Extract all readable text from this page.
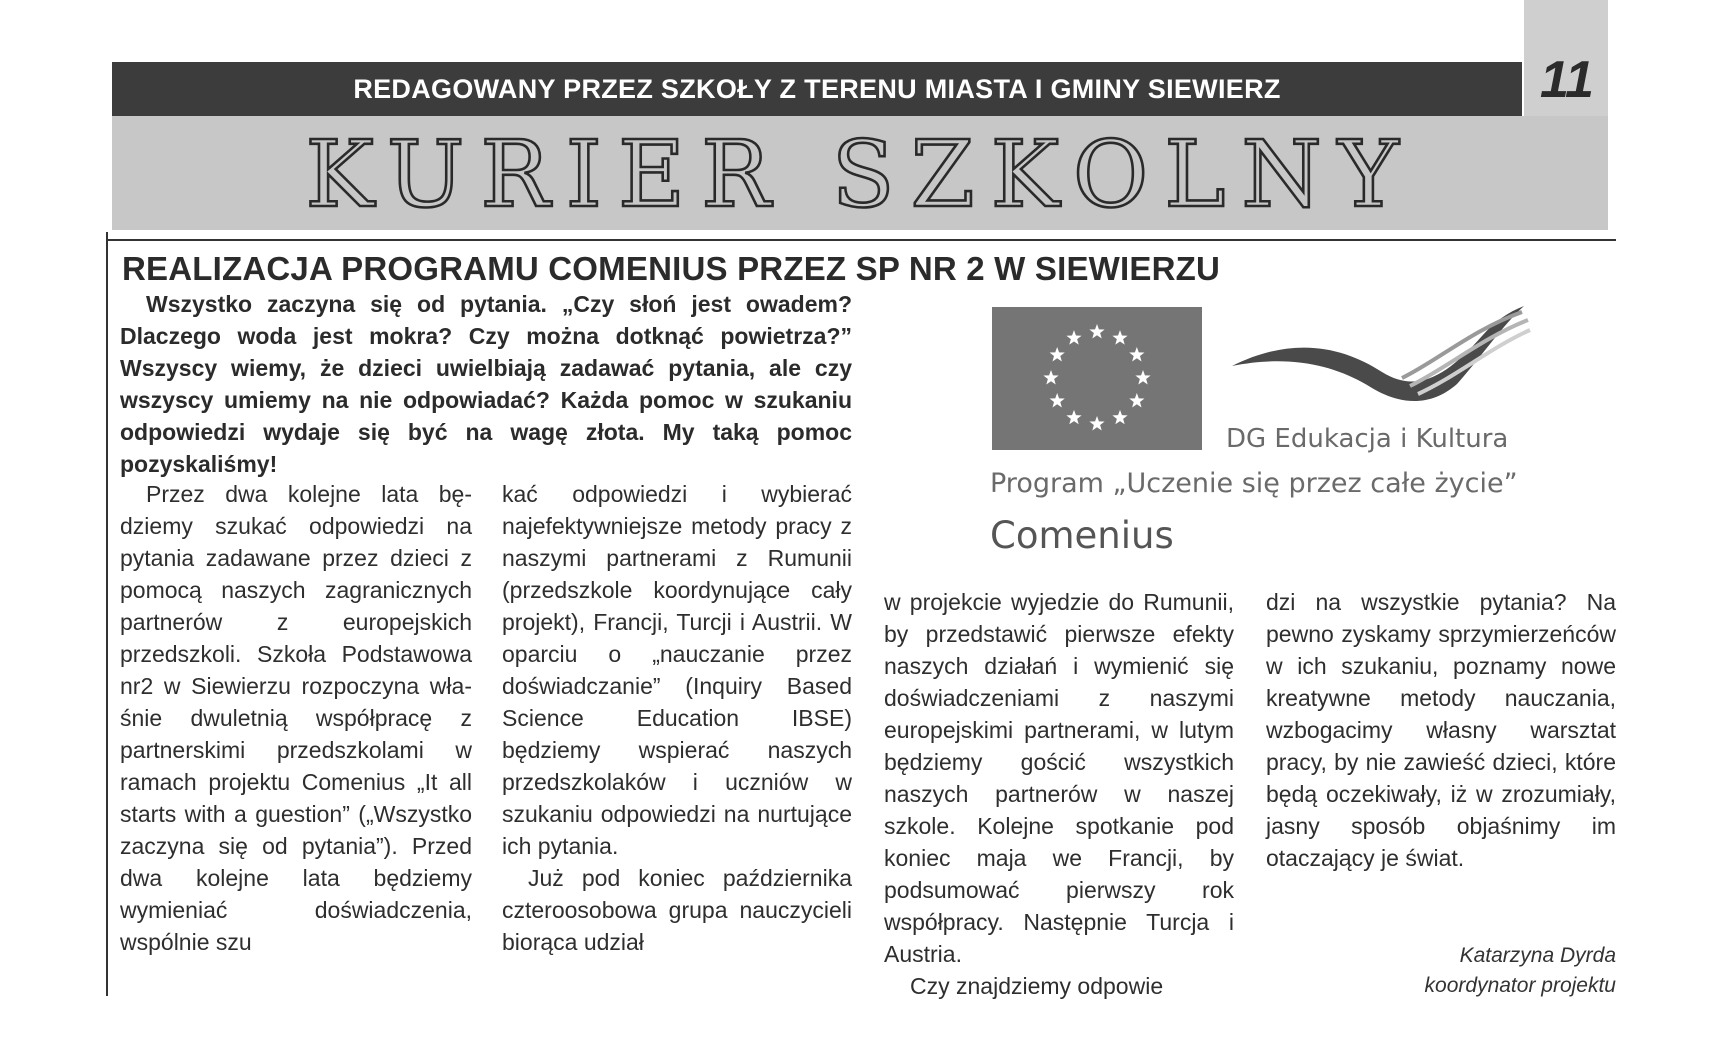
11
REDAGOWANY PRZEZ SZKOŁY Z TERENU MIASTA I GMINY SIEWIERZ
KURIER SZKOLNY
REALIZACJA PROGRAMU COMENIUS PRZEZ SP NR 2 W SIEWIERZU
Wszystko zaczyna się od pytania. „Czy słoń jest owadem? Dlaczego woda jest mokra? Czy można dotknąć powietrza?” Wszyscy wiemy, że dzieci uwielbiają zadawać pytania, ale czy wszyscy umiemy na nie odpowiadać? Każda pomoc w szukaniu odpowiedzi wydaje się być na wagę złota. My taką pomoc pozyskaliśmy!

Przez dwa kolejne lata będziemy szukać odpowiedzi na pytania zadawane przez dzieci z pomocą naszych zagranicznych partnerów z europejskich przedszkoli. Szkoła Podstawowa nr2 w Siewierzu rozpoczyna właśnie dwuletnią współpracę z partnerskimi przedszkolami w ramach projektu Comenius „It all starts with a guestion” („Wszystko zaczyna się od pytania”). Przed dwa kolejne lata będziemy wymieniać doświadczenia, wspólnie szu

kać odpowiedzi i wybierać najefektywniejsze metody pracy z naszymi partnerami z Rumunii (przedszkole koordynujące cały projekt), Francji, Turcji i Austrii. W oparciu o „nauczanie przez doświadczanie” (Inquiry Based Science Education IBSE) będziemy wspierać naszych przedszkolaków i uczniów w szukaniu odpowiedzi na nurtujące ich pytania.

Już pod koniec października czteroosobowa grupa nauczycieli biorąca udział

w projekcie wyjedzie do Rumunii, by przedstawić pierwsze efekty naszych działań i wymienić się doświadczeniami z naszymi europejskimi partnerami, w lutym będziemy gościć wszystkich naszych partnerów w naszej szkole. Kolejne spotkanie pod koniec maja we Francji, by podsumować pierwszy rok współpracy. Następnie Turcja i Austria.

Czy znajdziemy odpowie

dzi na wszystkie pytania? Na pewno zyskamy sprzymierzeńców w ich szukaniu, poznamy nowe kreatywne metody nauczania, wzbogacimy własny warsztat pracy, by nie zawieść dzieci, które będą oczekiwały, iż w zrozumiały, jasny sposób objaśnimy im otaczający je świat.

Katarzyna Dyrda
koordynator projektu
DG Edukacja i Kultura
Program „Uczenie się przez całe życie”
Comenius
